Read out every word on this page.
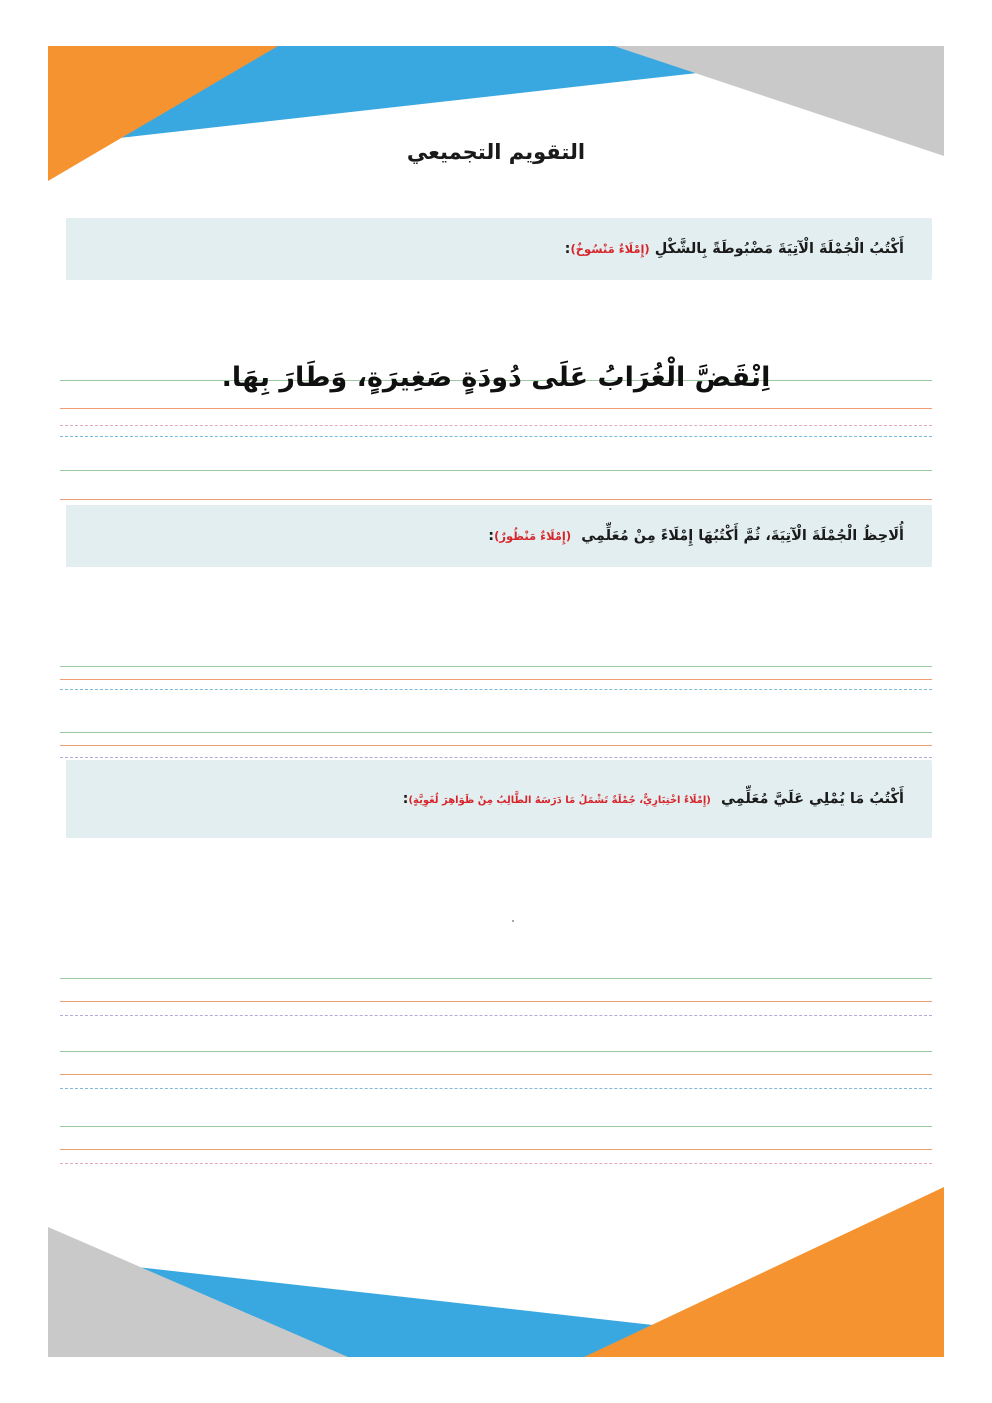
التقويم التجميعي
أَكْتُبُ الْجُمْلَةَ الْآتِيَةَ مَضْبُوطَةً بِالشَّكْلِ (إِمْلَاءٌ مَنْسُوخٌ):
اِنْقَضَّ الْغُرَابُ عَلَى دُودَةٍ صَغِيرَةٍ، وَطَارَ بِهَا.
أُلَاحِظُ الْجُمْلَةَ الْآتِيَةَ، ثُمَّ أَكْتُبُهَا إِمْلَاءً مِنْ مُعَلِّمِي  (إِمْلَاءٌ مَنْظُورٌ):
أَكْتُبُ مَا يُمْلِي عَلَيَّ مُعَلِّمِي  (إِمْلَاءٌ اخْتِبَارِيٌّ، جُمْلَةٌ تَشْمَلُ مَا دَرَسَهُ الطَّالِبُ مِنْ ظَوَاهِرَ لُغَوِيَّةٍ):
